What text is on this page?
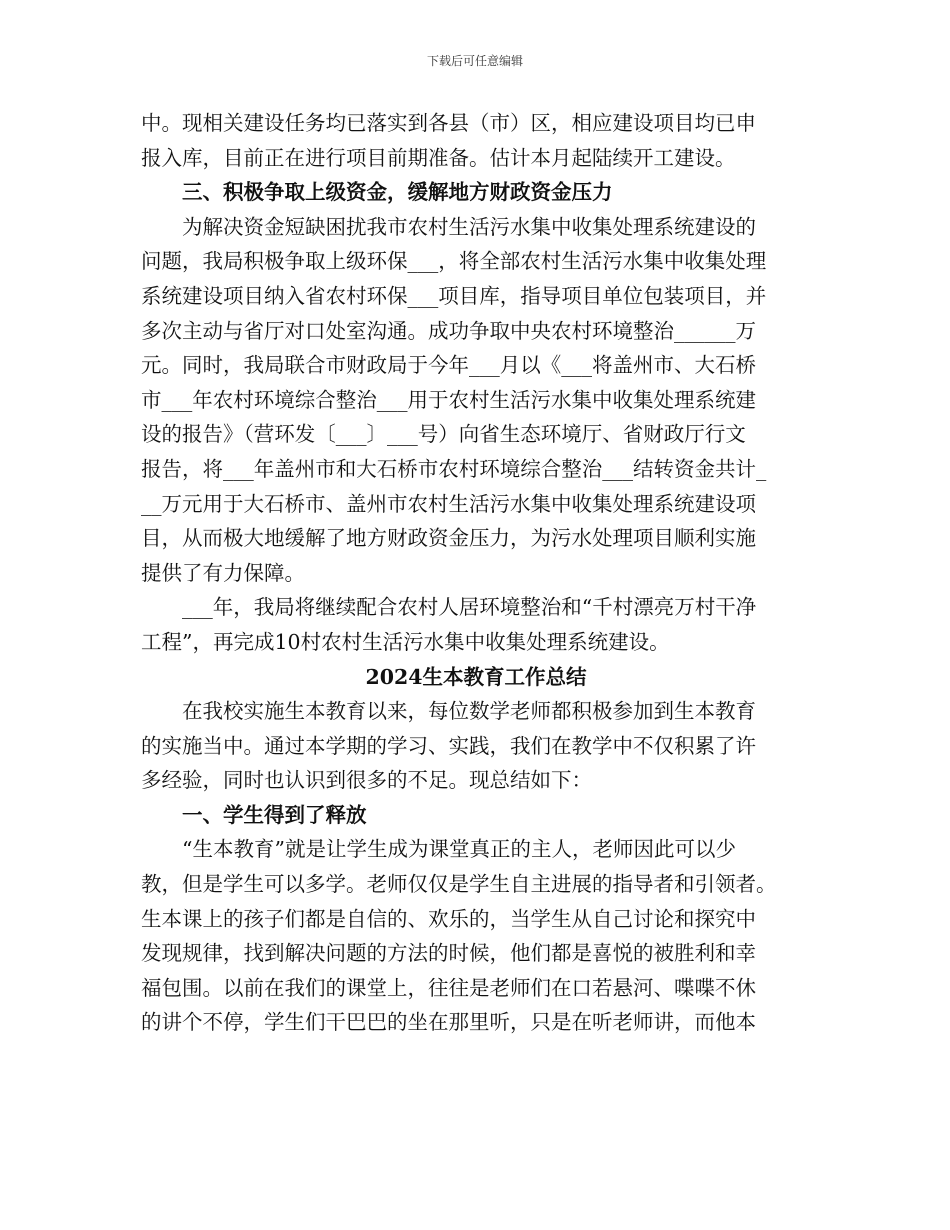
下载后可任意编辑
中。现相关建设任务均已落实到各县（市）区，相应建设项目均已申
报入库，目前正在进行项目前期准备。估计本月起陆续开工建设。
三、积极争取上级资金，缓解地方财政资金压力
为解决资金短缺困扰我市农村生活污水集中收集处理系统建设的
问题，我局积极争取上级环保___，将全部农村生活污水集中收集处理
系统建设项目纳入省农村环保___项目库，指导项目单位包装项目，并
多次主动与省厅对口处室沟通。成功争取中央农村环境整治______万
元。同时，我局联合市财政局于今年___月以《___将盖州市、大石桥
市___年农村环境综合整治___用于农村生活污水集中收集处理系统建
设的报告》（营环发〔___〕___号）向省生态环境厅、省财政厅行文
报告，将___年盖州市和大石桥市农村环境综合整治___结转资金共计_
__万元用于大石桥市、盖州市农村生活污水集中收集处理系统建设项
目，从而极大地缓解了地方财政资金压力，为污水处理项目顺利实施
提供了有力保障。
___年，我局将继续配合农村人居环境整治和“千村漂亮万村干净
工程”，再完成10村农村生活污水集中收集处理系统建设。

2024生本教育工作总结

在我校实施生本教育以来，每位数学老师都积极参加到生本教育
的实施当中。通过本学期的学习、实践，我们在教学中不仅积累了许
多经验，同时也认识到很多的不足。现总结如下：
一、学生得到了释放
“生本教育”就是让学生成为课堂真正的主人，老师因此可以少
教，但是学生可以多学。老师仅仅是学生自主进展的指导者和引领者。
生本课上的孩子们都是自信的、欢乐的，当学生从自己讨论和探究中
发现规律，找到解决问题的方法的时候，他们都是喜悦的被胜利和幸
福包围。以前在我们的课堂上，往往是老师们在口若悬河、喋喋不休
的讲个不停，学生们干巴巴的坐在那里听，只是在听老师讲，而他本
